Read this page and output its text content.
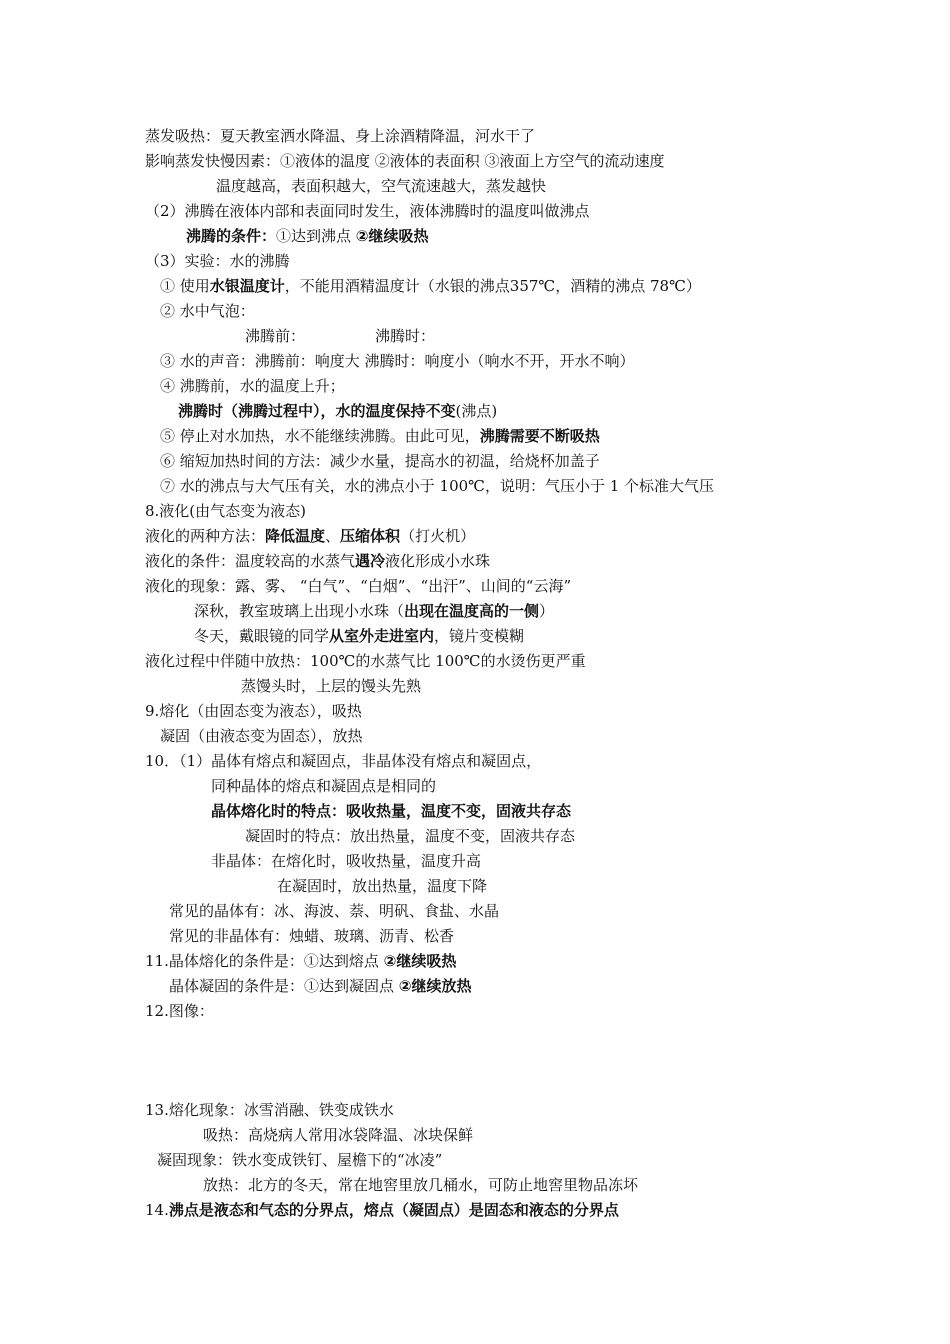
蒸发吸热：夏天教室洒水降温、身上涂酒精降温，河水干了
影响蒸发快慢因素：①液体的温度 ②液体的表面积 ③液面上方空气的流动速度
温度越高，表面积越大，空气流速越大，蒸发越快
（2）沸腾在液体内部和表面同时发生，液体沸腾时的温度叫做沸点
沸腾的条件：①达到沸点 ②继续吸热
（3）实验：水的沸腾
① 使用水银温度计，不能用酒精温度计（水银的沸点357℃，酒精的沸点 78℃）
② 水中气泡：
沸腾前：	沸腾时：
③ 水的声音：沸腾前：响度大 沸腾时：响度小（响水不开，开水不响）
④ 沸腾前，水的温度上升；
沸腾时（沸腾过程中），水的温度保持不变(沸点)
⑤ 停止对水加热，水不能继续沸腾。由此可见，沸腾需要不断吸热
⑥ 缩短加热时间的方法：减少水量，提高水的初温，给烧杯加盖子
⑦ 水的沸点与大气压有关，水的沸点小于 100℃，说明：气压小于 1 个标准大气压
8.液化(由气态变为液态)
液化的两种方法：降低温度、压缩体积（打火机）
液化的条件：温度较高的水蒸气遇冷液化形成小水珠
液化的现象：露、雾、 “白气”、“白烟”、“出汗”、山间的“云海”
深秋，教室玻璃上出现小水珠（出现在温度高的一侧）
冬天，戴眼镜的同学从室外走进室内，镜片变模糊
液化过程中伴随中放热：100℃的水蒸气比 100℃的水烫伤更严重
蒸馒头时，上层的馒头先熟
9.熔化（由固态变为液态），吸热
凝固（由液态变为固态），放热
10．（1）晶体有熔点和凝固点，非晶体没有熔点和凝固点，
同种晶体的熔点和凝固点是相同的
晶体熔化时的特点：吸收热量，温度不变，固液共存态
凝固时的特点：放出热量，温度不变，固液共存态
非晶体：在熔化时，吸收热量，温度升高
在凝固时，放出热量，温度下降
常见的晶体有：冰、海波、萘、明矾、食盐、水晶
常见的非晶体有：烛蜡、玻璃、沥青、松香
11.晶体熔化的条件是：①达到熔点 ②继续吸热
晶体凝固的条件是：①达到凝固点 ②继续放热
12.图像：
13.熔化现象：冰雪消融、铁变成铁水
吸热：高烧病人常用冰袋降温、冰块保鲜
凝固现象：铁水变成铁钉、屋檐下的“冰凌”
放热：北方的冬天，常在地窖里放几桶水，可防止地窖里物品冻坏
14.沸点是液态和气态的分界点，熔点（凝固点）是固态和液态的分界点
